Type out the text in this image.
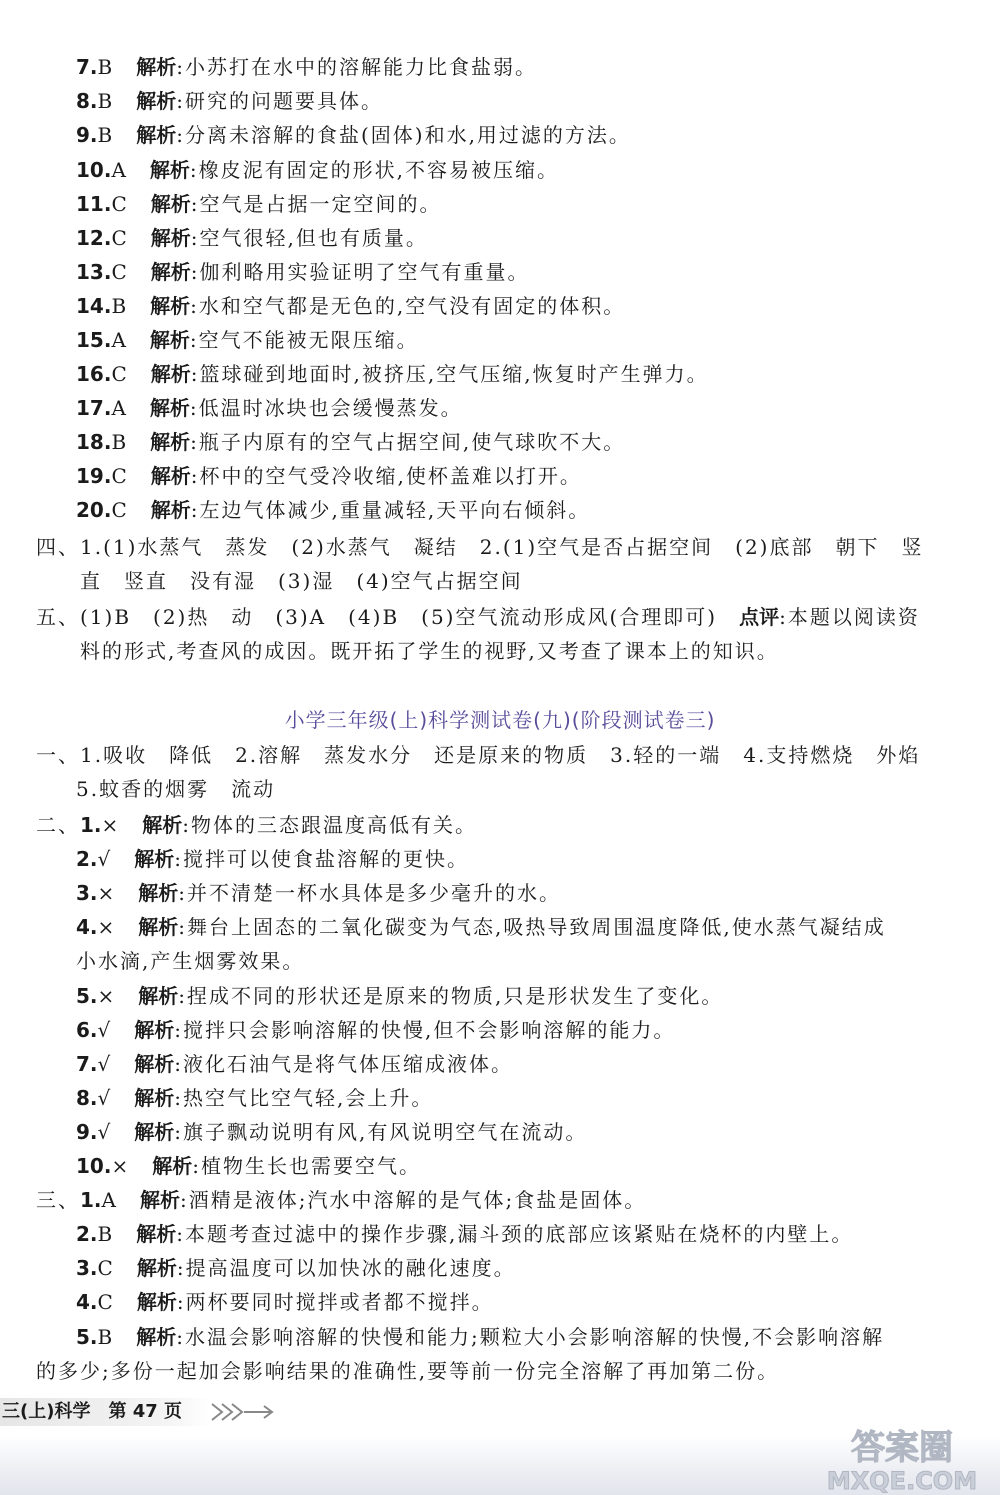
7.B 解析:小苏打在水中的溶解能力比食盐弱。
8.B 解析:研究的问题要具体。
9.B 解析:分离未溶解的食盐(固体)和水,用过滤的方法。
10.A 解析:橡皮泥有固定的形状,不容易被压缩。
11.C 解析:空气是占据一定空间的。
12.C 解析:空气很轻,但也有质量。
13.C 解析:伽利略用实验证明了空气有重量。
14.B 解析:水和空气都是无色的,空气没有固定的体积。
15.A 解析:空气不能被无限压缩。
16.C 解析:篮球碰到地面时,被挤压,空气压缩,恢复时产生弹力。
17.A 解析:低温时冰块也会缓慢蒸发。
18.B 解析:瓶子内原有的空气占据空间,使气球吹不大。
19.C 解析:杯中的空气受冷收缩,使杯盖难以打开。
20.C 解析:左边气体减少,重量减轻,天平向右倾斜。
四、1.(1)水蒸气　蒸发　(2)水蒸气　凝结　2.(1)空气是否占据空间　(2)底部　朝下　竖
直　竖直　没有湿　(3)湿　(4)空气占据空间
五、(1)B　(2)热　动　(3)A　(4)B　(5)空气流动形成风(合理即可)　点评:本题以阅读资
料的形式,考查风的成因。既开拓了学生的视野,又考查了课本上的知识。
小学三年级(上)科学测试卷(九)(阶段测试卷三)
一、1.吸收　降低　2.溶解　蒸发水分　还是原来的物质　3.轻的一端　4.支持燃烧　外焰
5.蚊香的烟雾　流动
二、1.× 解析:物体的三态跟温度高低有关。
2.√ 解析:搅拌可以使食盐溶解的更快。
3.× 解析:并不清楚一杯水具体是多少毫升的水。
4.× 解析:舞台上固态的二氧化碳变为气态,吸热导致周围温度降低,使水蒸气凝结成
小水滴,产生烟雾效果。
5.× 解析:捏成不同的形状还是原来的物质,只是形状发生了变化。
6.√ 解析:搅拌只会影响溶解的快慢,但不会影响溶解的能力。
7.√ 解析:液化石油气是将气体压缩成液体。
8.√ 解析:热空气比空气轻,会上升。
9.√ 解析:旗子飘动说明有风,有风说明空气在流动。
10.× 解析:植物生长也需要空气。
三、1.A 解析:酒精是液体;汽水中溶解的是气体;食盐是固体。
2.B 解析:本题考查过滤中的操作步骤,漏斗颈的底部应该紧贴在烧杯的内壁上。
3.C 解析:提高温度可以加快冰的融化速度。
4.C 解析:两杯要同时搅拌或者都不搅拌。
5.B 解析:水温会影响溶解的快慢和能力;颗粒大小会影响溶解的快慢,不会影响溶解
的多少;多份一起加会影响结果的准确性,要等前一份完全溶解了再加第二份。
三(上)科学　第 47 页
答案圈
MXQE.COM
